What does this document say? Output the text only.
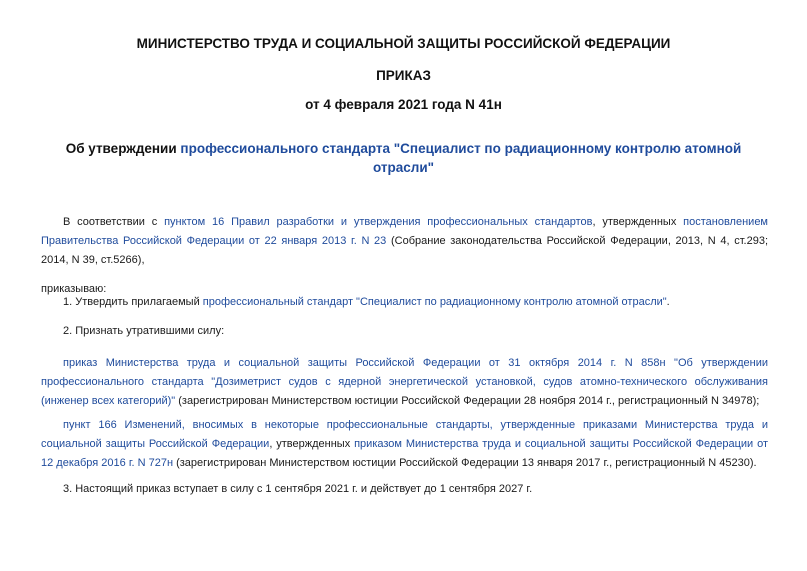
МИНИСТЕРСТВО ТРУДА И СОЦИАЛЬНОЙ ЗАЩИТЫ РОССИЙСКОЙ ФЕДЕРАЦИИ

ПРИКАЗ

от 4 февраля 2021 года N 41н

Об утверждении профессионального стандарта "Специалист по радиационному контролю атомной отрасли"

В соответствии с пунктом 16 Правил разработки и утверждения профессиональных стандартов, утвержденных постановлением Правительства Российской Федерации от 22 января 2013 г. N 23 (Собрание законодательства Российской Федерации, 2013, N 4, ст.293; 2014, N 39, ст.5266),

приказываю:

1. Утвердить прилагаемый профессиональный стандарт "Специалист по радиационному контролю атомной отрасли".

2. Признать утратившими силу:

приказ Министерства труда и социальной защиты Российской Федерации от 31 октября 2014 г. N 858н "Об утверждении профессионального стандарта "Дозиметрист судов с ядерной энергетической установкой, судов атомно-технического обслуживания (инженер всех категорий)" (зарегистрирован Министерством юстиции Российской Федерации 28 ноября 2014 г., регистрационный N 34978);

пункт 166 Изменений, вносимых в некоторые профессиональные стандарты, утвержденные приказами Министерства труда и социальной защиты Российской Федерации, утвержденных приказом Министерства труда и социальной защиты Российской Федерации от 12 декабря 2016 г. N 727н (зарегистрирован Министерством юстиции Российской Федерации 13 января 2017 г., регистрационный N 45230).

3. Настоящий приказ вступает в силу с 1 сентября 2021 г. и действует до 1 сентября 2027 г.
